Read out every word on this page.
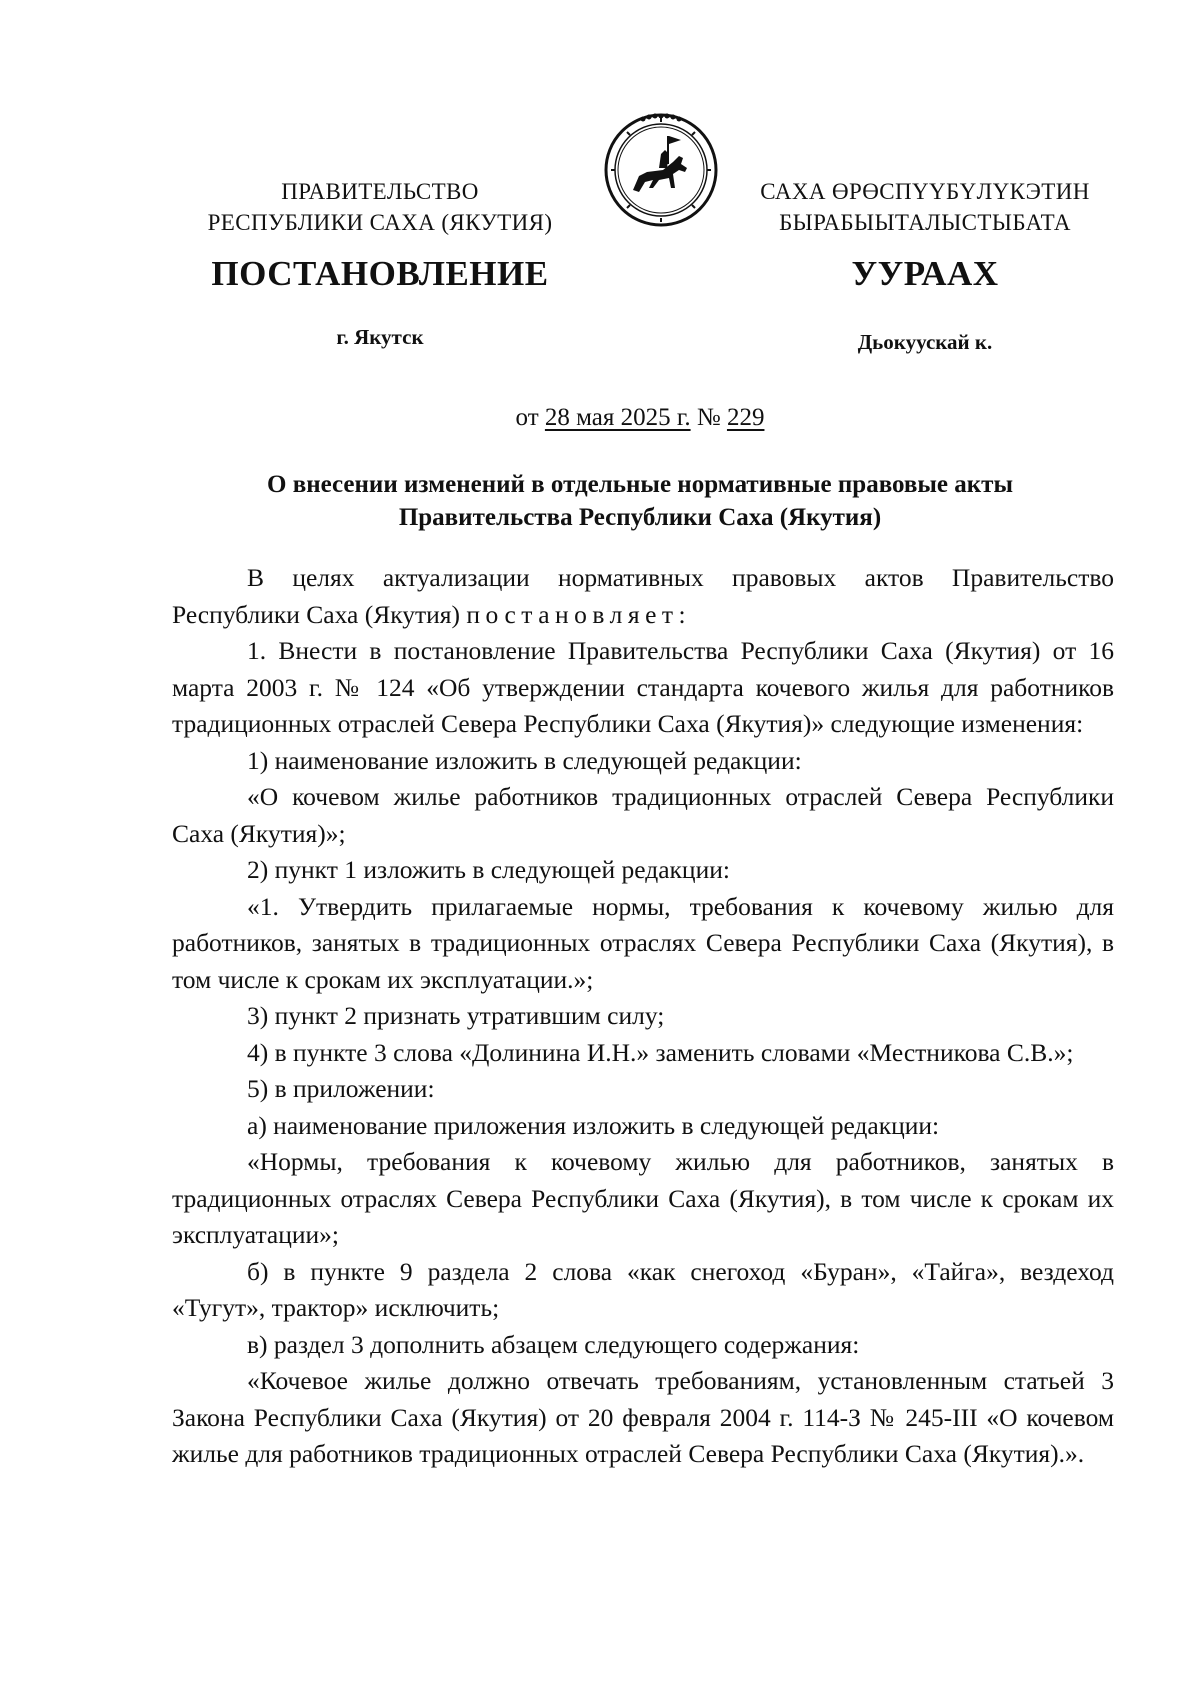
ПРАВИТЕЛЬСТВО
РЕСПУБЛИКИ САХА (ЯКУТИЯ)
САХА ӨРӨСПҮҮБҮЛҮКЭТИН
БЫРАБЫЫТАЛЫСТЫБАТА
ПОСТАНОВЛЕНИЕ	УУРААХ
г. Якутск	Дьокуускай к.
от 28 мая 2025 г. № 229
О внесении изменений в отдельные нормативные правовые акты
Правительства Республики Саха (Якутия)

В целях актуализации нормативных правовых актов Правительство Республики Саха (Якутия) постановляет:

1. Внести в постановление Правительства Республики Саха (Якутия) от 16 марта 2003 г. № 124 «Об утверждении стандарта кочевого жилья для работников традиционных отраслей Севера Республики Саха (Якутия)» следующие изменения:

1) наименование изложить в следующей редакции:

«О кочевом жилье работников традиционных отраслей Севера Республики Саха (Якутия)»;

2) пункт 1 изложить в следующей редакции:

«1. Утвердить прилагаемые нормы, требования к кочевому жилью для работников, занятых в традиционных отраслях Севера Республики Саха (Якутия), в том числе к срокам их эксплуатации.»;

3) пункт 2 признать утратившим силу;

4) в пункте 3 слова «Долинина И.Н.» заменить словами «Местникова С.В.»;

5) в приложении:

а) наименование приложения изложить в следующей редакции:

«Нормы, требования к кочевому жилью для работников, занятых в традиционных отраслях Севера Республики Саха (Якутия), в том числе к срокам их эксплуатации»;

б) в пункте 9 раздела 2 слова «как снегоход «Буран», «Тайга», вездеход «Тугут», трактор» исключить;

в) раздел 3 дополнить абзацем следующего содержания:

«Кочевое жилье должно отвечать требованиям, установленным статьей 3 Закона Республики Саха (Якутия) от 20 февраля 2004 г. 114-З № 245-III «О кочевом жилье для работников традиционных отраслей Севера Республики Саха (Якутия).».
